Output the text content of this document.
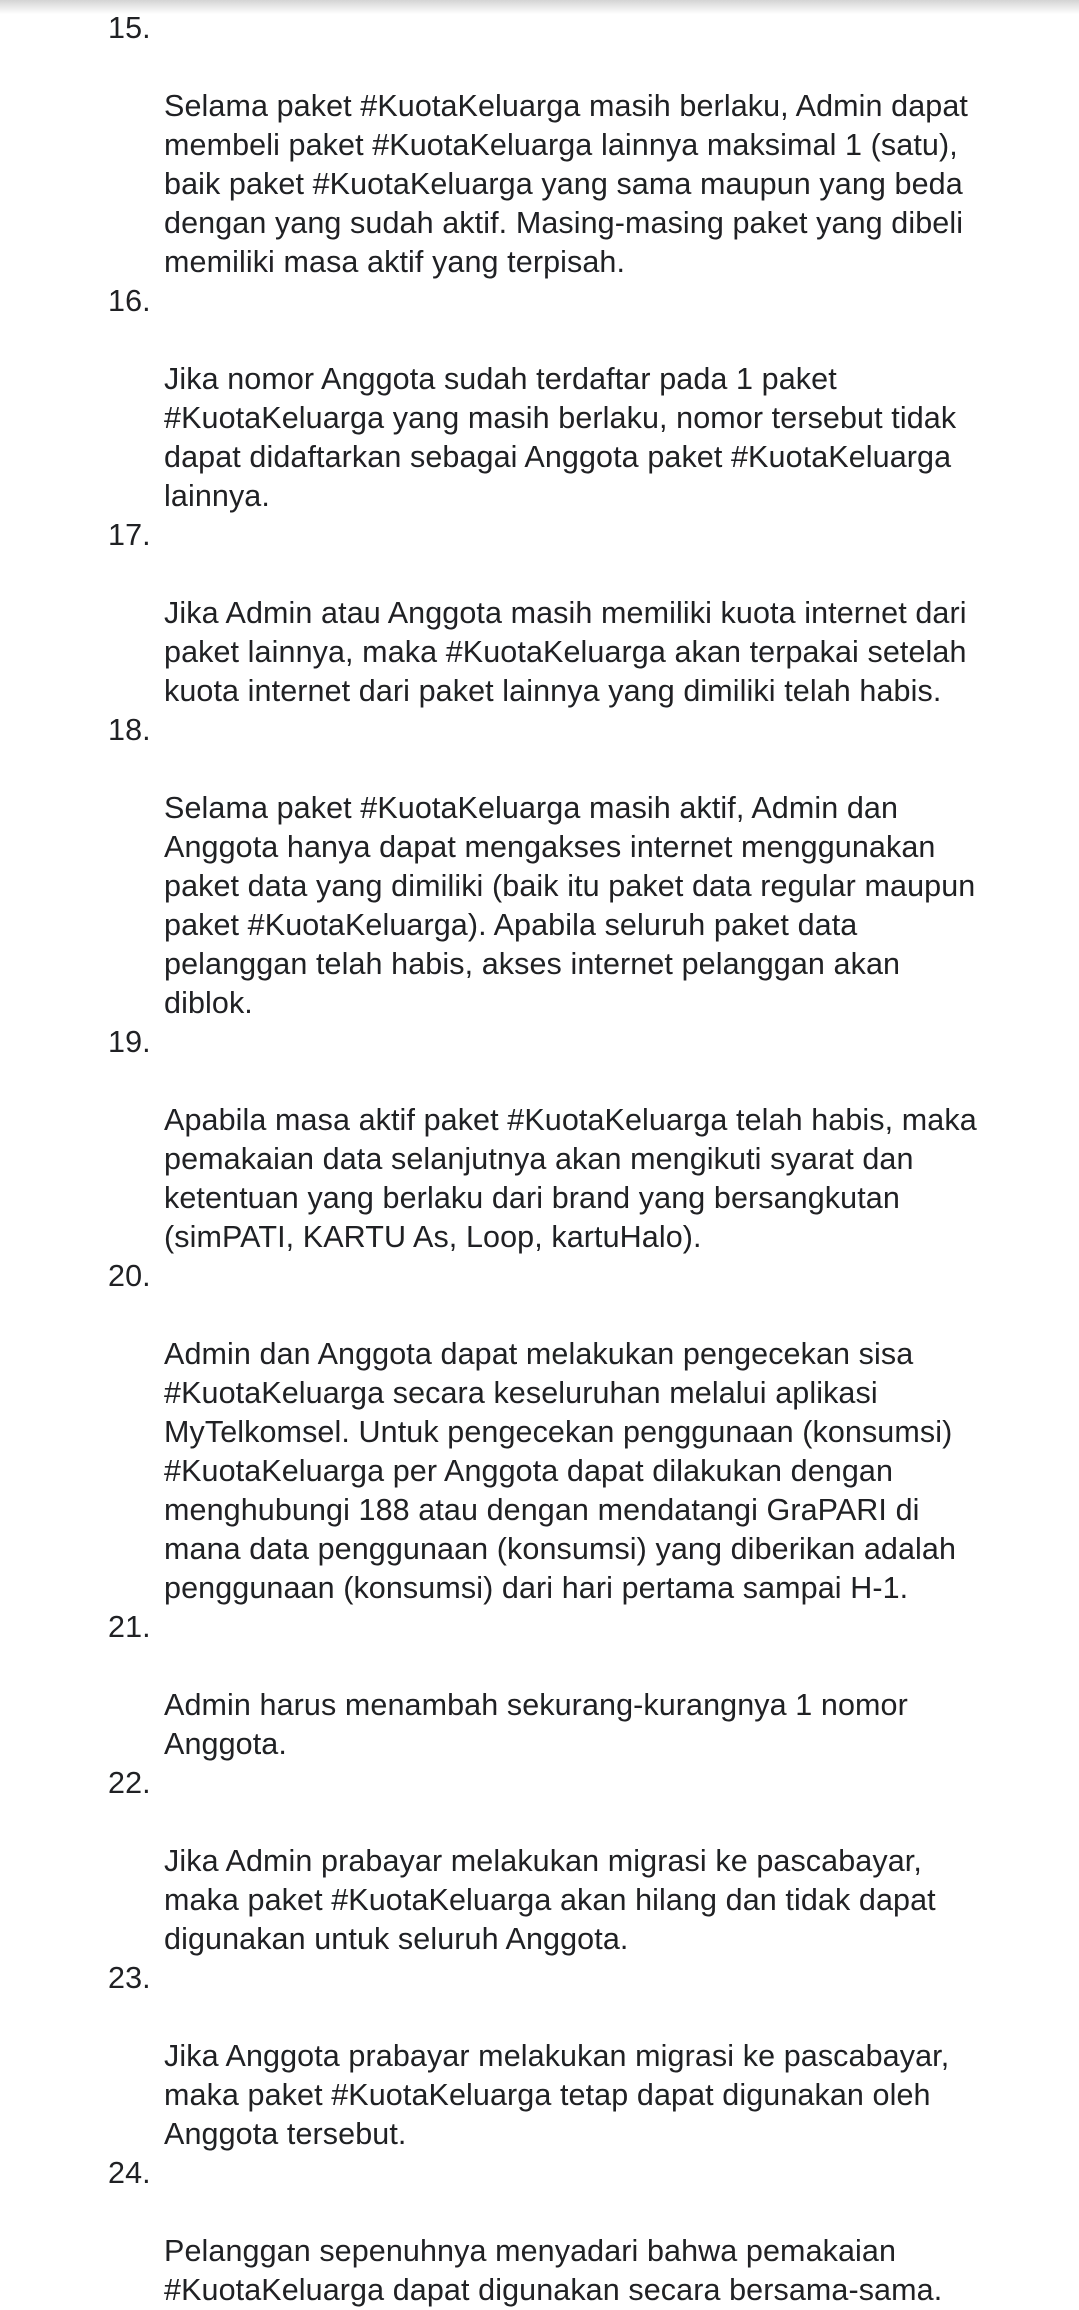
15.

Selama paket #KuotaKeluarga masih berlaku, Admin dapat
membeli paket #KuotaKeluarga lainnya maksimal 1 (satu),
baik paket #KuotaKeluarga yang sama maupun yang beda
dengan yang sudah aktif. Masing-masing paket yang dibeli
memiliki masa aktif yang terpisah.

16.

Jika nomor Anggota sudah terdaftar pada 1 paket
#KuotaKeluarga yang masih berlaku, nomor tersebut tidak
dapat didaftarkan sebagai Anggota paket #KuotaKeluarga
lainnya.

17.

Jika Admin atau Anggota masih memiliki kuota internet dari
paket lainnya, maka #KuotaKeluarga akan terpakai setelah
kuota internet dari paket lainnya yang dimiliki telah habis.

18.

Selama paket #KuotaKeluarga masih aktif, Admin dan
Anggota hanya dapat mengakses internet menggunakan
paket data yang dimiliki (baik itu paket data regular maupun
paket #KuotaKeluarga). Apabila seluruh paket data
pelanggan telah habis, akses internet pelanggan akan
diblok.

19.

Apabila masa aktif paket #KuotaKeluarga telah habis, maka
pemakaian data selanjutnya akan mengikuti syarat dan
ketentuan yang berlaku dari brand yang bersangkutan
(simPATI, KARTU As, Loop, kartuHalo).

20.

Admin dan Anggota dapat melakukan pengecekan sisa
#KuotaKeluarga secara keseluruhan melalui aplikasi
MyTelkomsel. Untuk pengecekan penggunaan (konsumsi)
#KuotaKeluarga per Anggota dapat dilakukan dengan
menghubungi 188 atau dengan mendatangi GraPARI di
mana data penggunaan (konsumsi) yang diberikan adalah
penggunaan (konsumsi) dari hari pertama sampai H-1.

21.

Admin harus menambah sekurang-kurangnya 1 nomor
Anggota.

22.

Jika Admin prabayar melakukan migrasi ke pascabayar,
maka paket #KuotaKeluarga akan hilang dan tidak dapat
digunakan untuk seluruh Anggota.

23.

Jika Anggota prabayar melakukan migrasi ke pascabayar,
maka paket #KuotaKeluarga tetap dapat digunakan oleh
Anggota tersebut.

24.

Pelanggan sepenuhnya menyadari bahwa pemakaian
#KuotaKeluarga dapat digunakan secara bersama-sama.
